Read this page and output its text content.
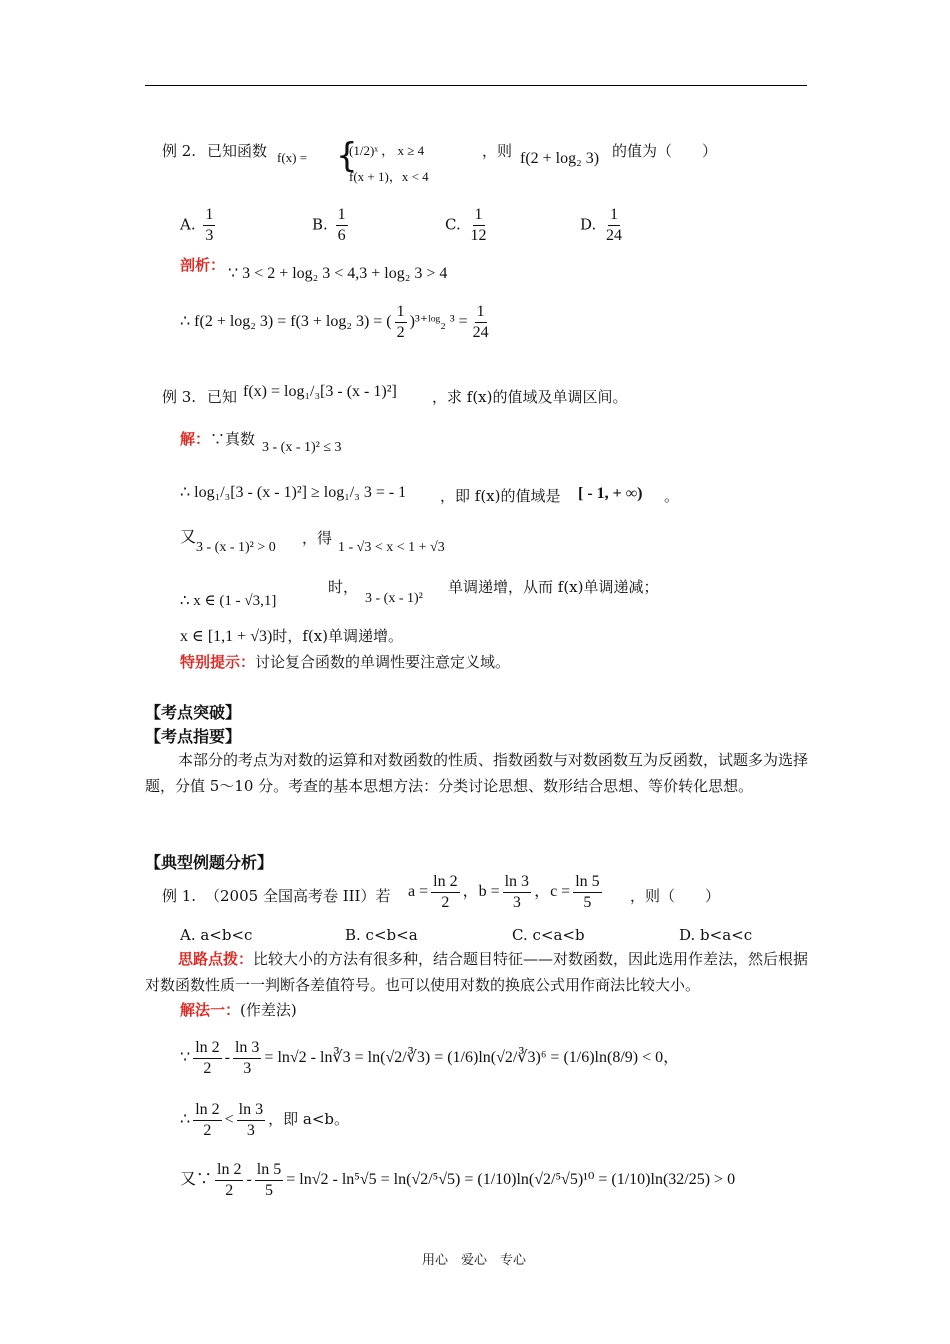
例 2. 已知函数 f(x) = {
(1/2)ˣ ， x ≥ 4
f(x + 1)，x < 4
，则 f(2 + log₂ 3) 的值为（　　）
A. $\frac{1}{3}$	B. $\frac{1}{6}$	C. $\frac{1}{12}$	D. $\frac{1}{24}$
剖析： ∵ 3 < 2 + log₂ 3 < 4,3 + log₂ 3 > 4
∴ f(2 + log₂ 3) = f(3 + log₂ 3) = ( $\frac{1}{2}$ )³⁺ˡᵒᵍ₂ $^3 = \frac{1}{24}$
例 3. 已知 f(x) = log₁/₃[3 - (x - 1)²] ，求 f(x)的值域及单调区间。
解：∵真数 3 - (x - 1)² ≤ 3
∴ log₁/₃[3 - (x - 1)²] ≥ log₁/₃ 3 = - 1 ，即 f(x)的值域是 [ - 1, + ∞) 。
又
3 - (x - 1)² > 0
，得
1 - √3 < x < 1 + √3
∴ x ∈ (1 - √3,1]
时，
3 - (x - 1)²
单调递增，从而 f(x)单调递减；
x ∈ [1,1 + √3)时，f(x)单调递增。
特别提示：讨论复合函数的单调性要注意定义域。
【考点突破】
【考点指要】
本部分的考点为对数的运算和对数函数的性质、指数函数与对数函数互为反函数，试题多为选择题，分值 5～10 分。考查的基本思想方法：分类讨论思想、数形结合思想、等价转化思想。
【典型例题分析】
例 1. （2005 全国高考卷 III）若 $a = \frac{\ln 2}{2}$ ，$b = \frac{\ln 3}{3}$ ，$c = \frac{\ln 5}{5}$ ，则（　　）
A. a<b<c	B. c<b<a	C. c<a<b	D. b<a<c
思路点拨：比较大小的方法有很多种，结合题目特征——对数函数，因此选用作差法，然后根据对数函数性质一一判断各差值符号。也可以使用对数的换底公式用作商法比较大小。
解法一：(作差法)
∵ $\frac{\ln 2}{2} - \frac{\ln 3}{3} = \ln√2$ - ln∛3 = ln(√2/∛3) = (1/6)ln(√2/∛3)⁶ = (1/6)ln(8/9) < 0，
∴ $\frac{\ln 2}{2} < \frac{\ln 3}{3}$ ，即 a<b。
又∵ $\frac{\ln 2}{2} - \frac{\ln 5}{5} = \ln√2 - \ln^5√5 = \ln(√2/^5√5) = (1/10)\ln(√2/^5√5)^{10} = (1/10)\ln(32/25) > 0$
用心　爱心　专心
